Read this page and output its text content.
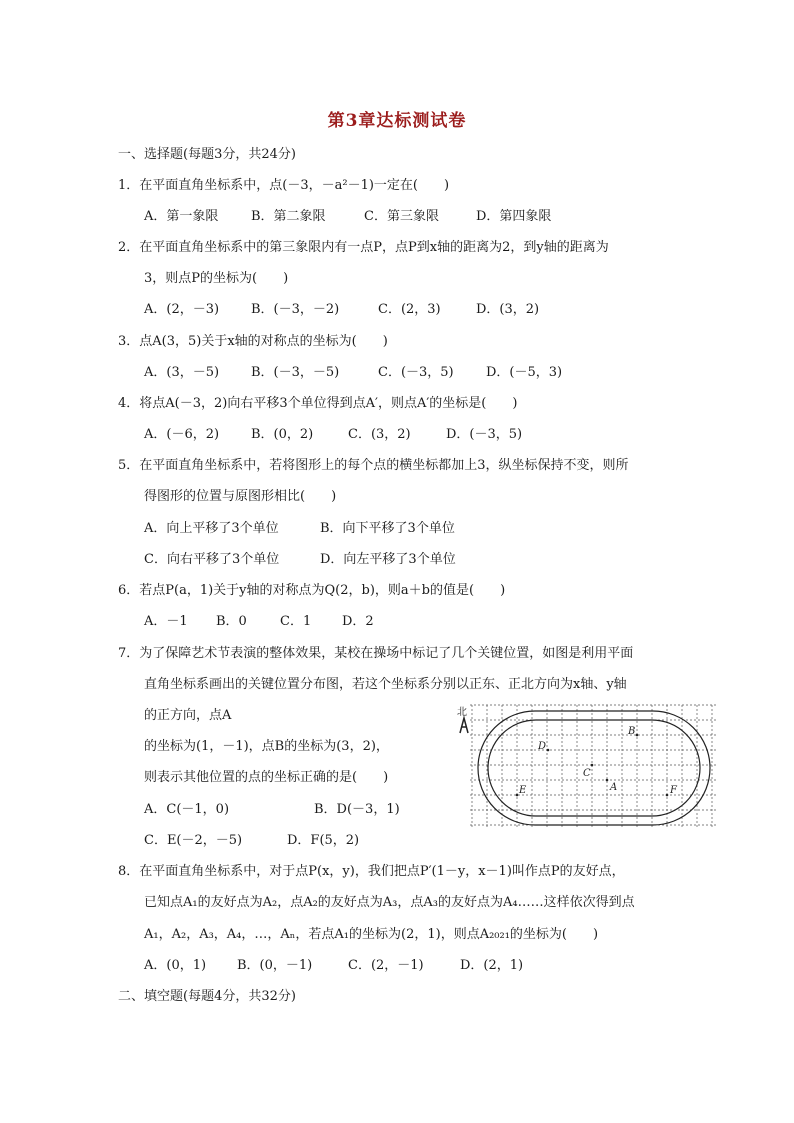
第3章达标测试卷
一、选择题(每题3分，共24分)
1．在平面直角坐标系中，点(－3，－a²－1)一定在(　　)
A．第一象限	B．第二象限	C．第三象限	D．第四象限
2．在平面直角坐标系中的第三象限内有一点P，点P到x轴的距离为2，到y轴的距离为
3，则点P的坐标为(　　)
A．(2，－3) B．(－3，－2)	C．(2，3)	D．(3，2)
3．点A(3，5)关于x轴的对称点的坐标为(　　)
A．(3，－5) B．(－3，－5)	C．(－3，5) D．(－5，3)
4．将点A(－3，2)向右平移3个单位得到点A′，则点A′的坐标是(　　)
A．(－6，2) B．(0，2)	C．(3，2)	D．(－3，5)
5．在平面直角坐标系中，若将图形上的每个点的横坐标都加上3，纵坐标保持不变，则所
得图形的位置与原图形相比(　　)
A．向上平移了3个单位	B．向下平移了3个单位
C．向右平移了3个单位	D．向左平移了3个单位
6．若点P(a，1)关于y轴的对称点为Q(2，b)，则a＋b的值是(　　)
A．－1 B．0	C．1 D．2
7．为了保障艺术节表演的整体效果，某校在操场中标记了几个关键位置，如图是利用平面
直角坐标系画出的关键位置分布图，若这个坐标系分别以正东、正北方向为x轴、y轴
的正方向，点A
的坐标为(1，－1)，点B的坐标为(3，2)，
则表示其他位置的点的坐标正确的是(　　)
A．C(－1，0)	B．D(－3，1)
C．E(－2，－5)	D．F(5，2)
北
D
B
C
A
E	F
8．在平面直角坐标系中，对于点P(x，y)，我们把点P′(1－y，x－1)叫作点P的友好点，
已知点A₁的友好点为A₂，点A₂的友好点为A₃，点A₃的友好点为A₄……这样依次得到点
A₁，A₂，A₃，A₄，…，Aₙ，若点A₁的坐标为(2，1)，则点A₂₀₂₁的坐标为(　　)
A．(0，1) B．(0，－1)	C．(2，－1)	D．(2，1)
二、填空题(每题4分，共32分)
